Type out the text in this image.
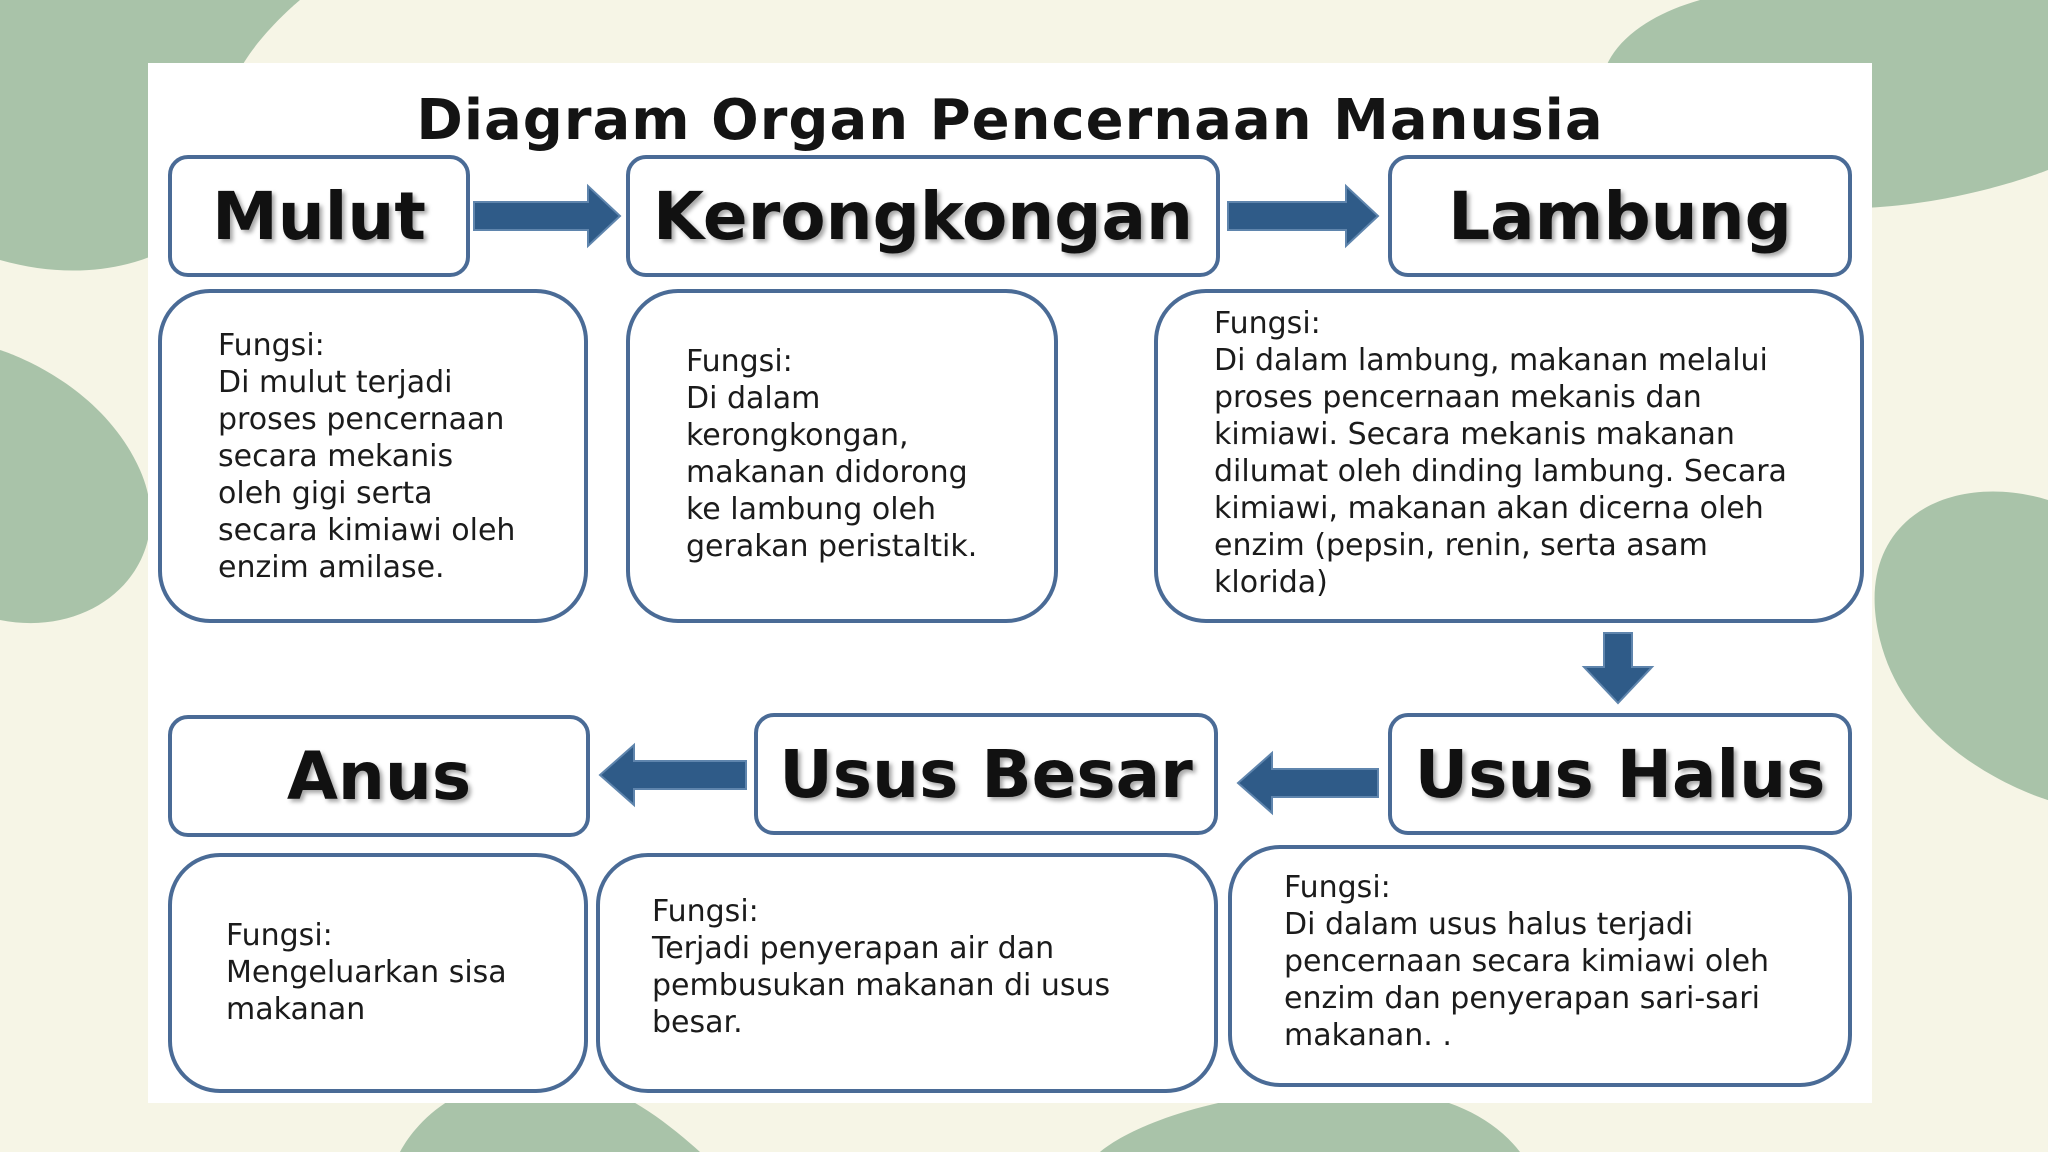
Diagram Organ Pencernaan Manusia
Mulut	Kerongkongan	Lambung
Fungsi:
Di mulut terjadi
proses pencernaan
secara mekanis
oleh gigi serta
secara kimiawi oleh
enzim amilase.
Fungsi:
Di dalam
kerongkongan,
makanan didorong
ke lambung oleh
gerakan peristaltik.
Fungsi:
Di dalam lambung, makanan melalui
proses pencernaan mekanis dan
kimiawi. Secara mekanis makanan
dilumat oleh dinding lambung. Secara
kimiawi, makanan akan dicerna oleh
enzim (pepsin, renin, serta asam
klorida)
Anus	Usus Besar	Usus Halus
Fungsi:
Mengeluarkan sisa
makanan
Fungsi:
Terjadi penyerapan air dan
pembusukan makanan di usus
besar.
Fungsi:
Di dalam usus halus terjadi
pencernaan secara kimiawi oleh
enzim dan penyerapan sari-sari
makanan. .
